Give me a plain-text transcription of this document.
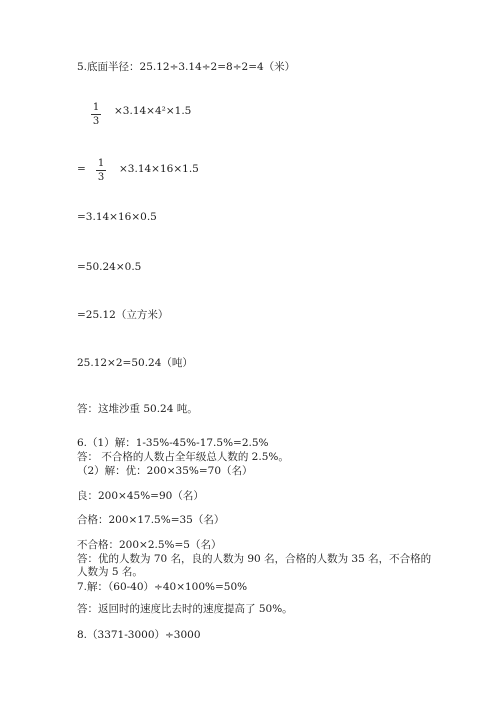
5.底面半径：25.12÷3.14÷2=8÷2=4（米）
1
3
×3.14×4²×1.5
= 1
3
×3.14×16×1.5
=3.14×16×0.5
=50.24×0.5
=25.12（立方米）
25.12×2=50.24（吨）
答：这堆沙重 50.24 吨。
6.（1）解：1-35%-45%-17.5%=2.5%
答： 不合格的人数占全年级总人数的 2.5%。
（2）解：优：200×35%=70（名）
良：200×45%=90（名）
合格：200×17.5%=35（名）
不合格：200×2.5%=5（名）
答：优的人数为 70 名，良的人数为 90 名，合格的人数为 35 名，不合格的人数为 5 名。
7.解：（60-40）÷40×100%=50%
答：返回时的速度比去时的速度提高了 50%。
8.（3371-3000）÷3000
